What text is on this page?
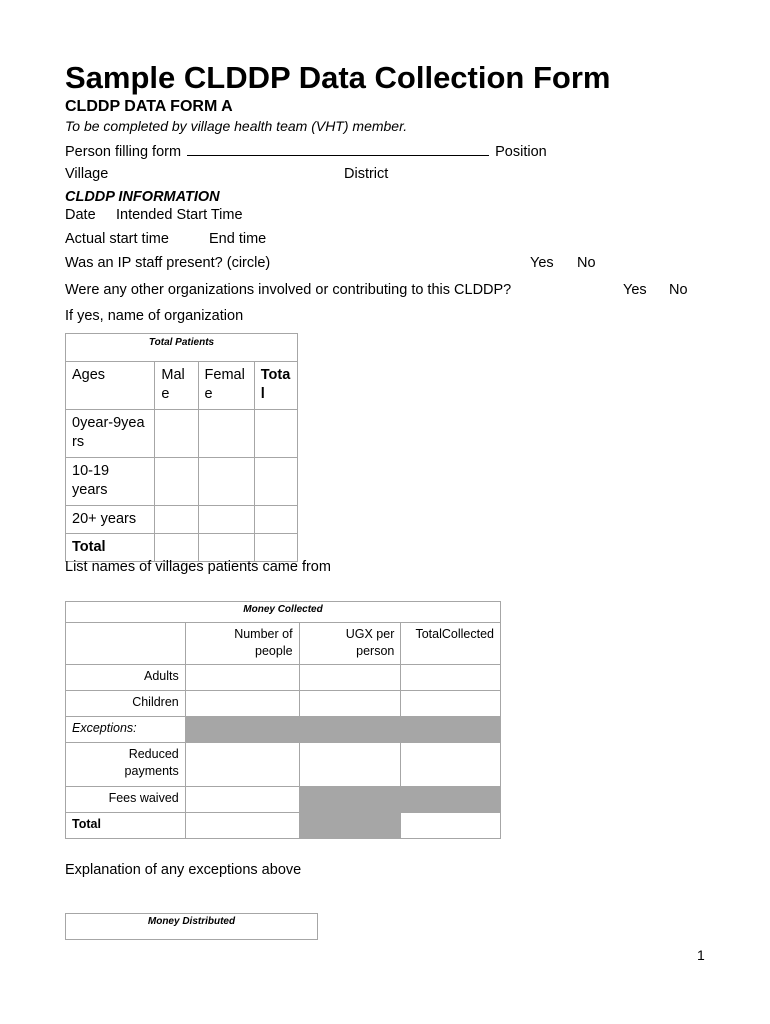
Sample CLDDP Data Collection Form
CLDDP DATA FORM A
To be completed by village health team (VHT) member.
Person filling form	Position
Village	District
CLDDP INFORMATION
Date Intended Start Time
Actual start time	End time
Was an IP staff present? (circle)	Yes No
Were any other organizations involved or contributing to this CLDDP?	Yes No
If yes, name of organization
Total Patients			
Ages	Male	Female	Total
0year-9years			
10-19 years			
20+ years			
Total			
List names of villages patients came from
Money Collected			
	Number of people	UGX per person	TotalCollected
Adults			
Children			
Exceptions:			
Reduced payments			
Fees waived			
Total			
Explanation of any exceptions above
Money Distributed
1
